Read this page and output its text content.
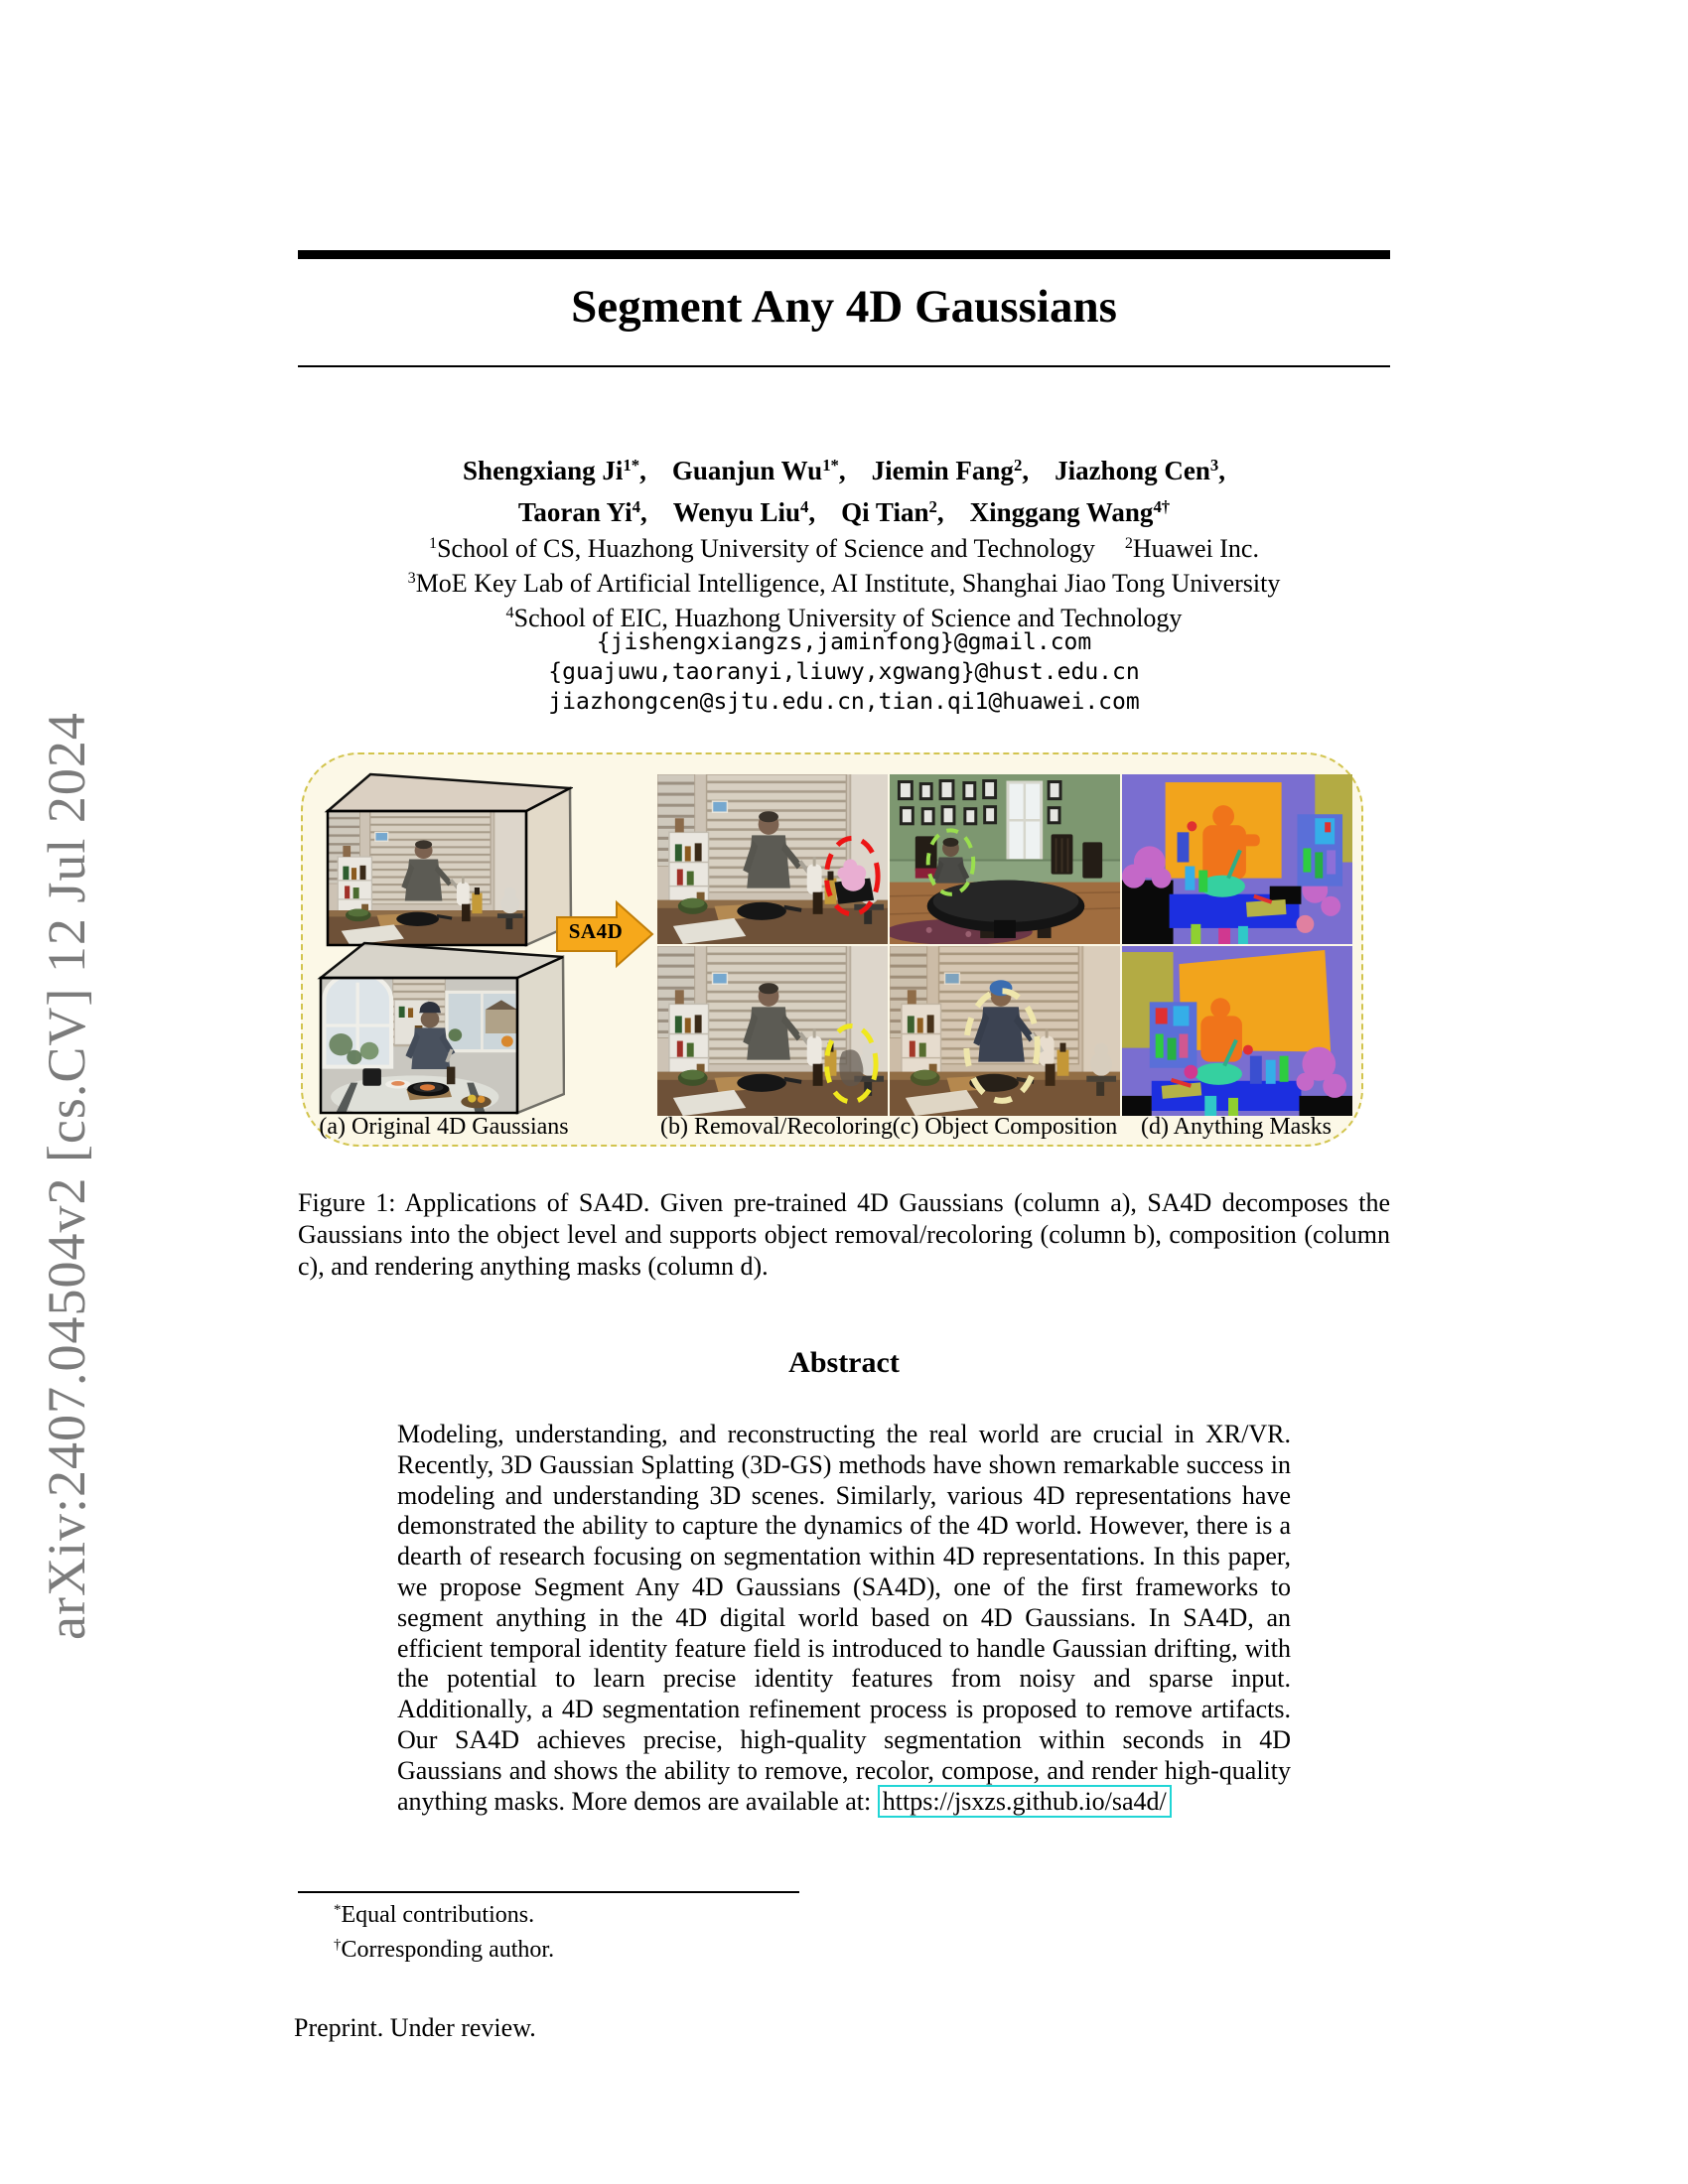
arXiv:2407.04504v2 [cs.CV] 12 Jul 2024
Segment Any 4D Gaussians
Shengxiang $Ji^{1*}$, Guanjun $Wu^{1*}$, Jiemin Fang$^2$, Jiazhong Cen$^3$,
Taoran Yi$^4$, Wenyu Liu$^4$, Qi Tian$^2$, Xinggang Wang$^{4\dagger}$
$^1$School of CS, Huazhong University of Science and Technology $^2$Huawei Inc.
$^3$MoE Key Lab of Artificial Intelligence, AI Institute, Shanghai Jiao Tong University
$^4$School of EIC, Huazhong University of Science and Technology
{jishengxiangzs,jaminfong}@gmail.com
{guajuwu,taoranyi,liuwy,xgwang}@hust.edu.cn
jiazhongcen@sjtu.edu.cn,tian.qi1@huawei.com
SA4D
(a) Original 4D Gaussians	(b) Removal/Recoloring (c) Object Composition (d) Anything Masks
Figure 1: Applications of SA4D. Given pre-trained 4D Gaussians (column a), SA4D decomposes the Gaussians into the object level and supports object removal/recoloring (column b), composition (column c), and rendering anything masks (column d).
Abstract
Modeling, understanding, and reconstructing the real world are crucial in XR/VR. Recently, 3D Gaussian Splatting (3D-GS) methods have shown remarkable success in modeling and understanding 3D scenes. Similarly, various 4D representations have demonstrated the ability to capture the dynamics of the 4D world. However, there is a dearth of research focusing on segmentation within 4D representations. In this paper, we propose Segment Any 4D Gaussians (SA4D), one of the first frameworks to segment anything in the 4D digital world based on 4D Gaussians. In SA4D, an efficient temporal identity feature field is introduced to handle Gaussian drifting, with the potential to learn precise identity features from noisy and sparse input. Additionally, a 4D segmentation refinement process is proposed to remove artifacts. Our SA4D achieves precise, high-quality segmentation within seconds in 4D Gaussians and shows the ability to remove, recolor, compose, and render high-quality anything masks. More demos are available at: https://jsxzs.github.io/sa4d/
*Equal contributions.
†Corresponding author.
Preprint. Under review.
